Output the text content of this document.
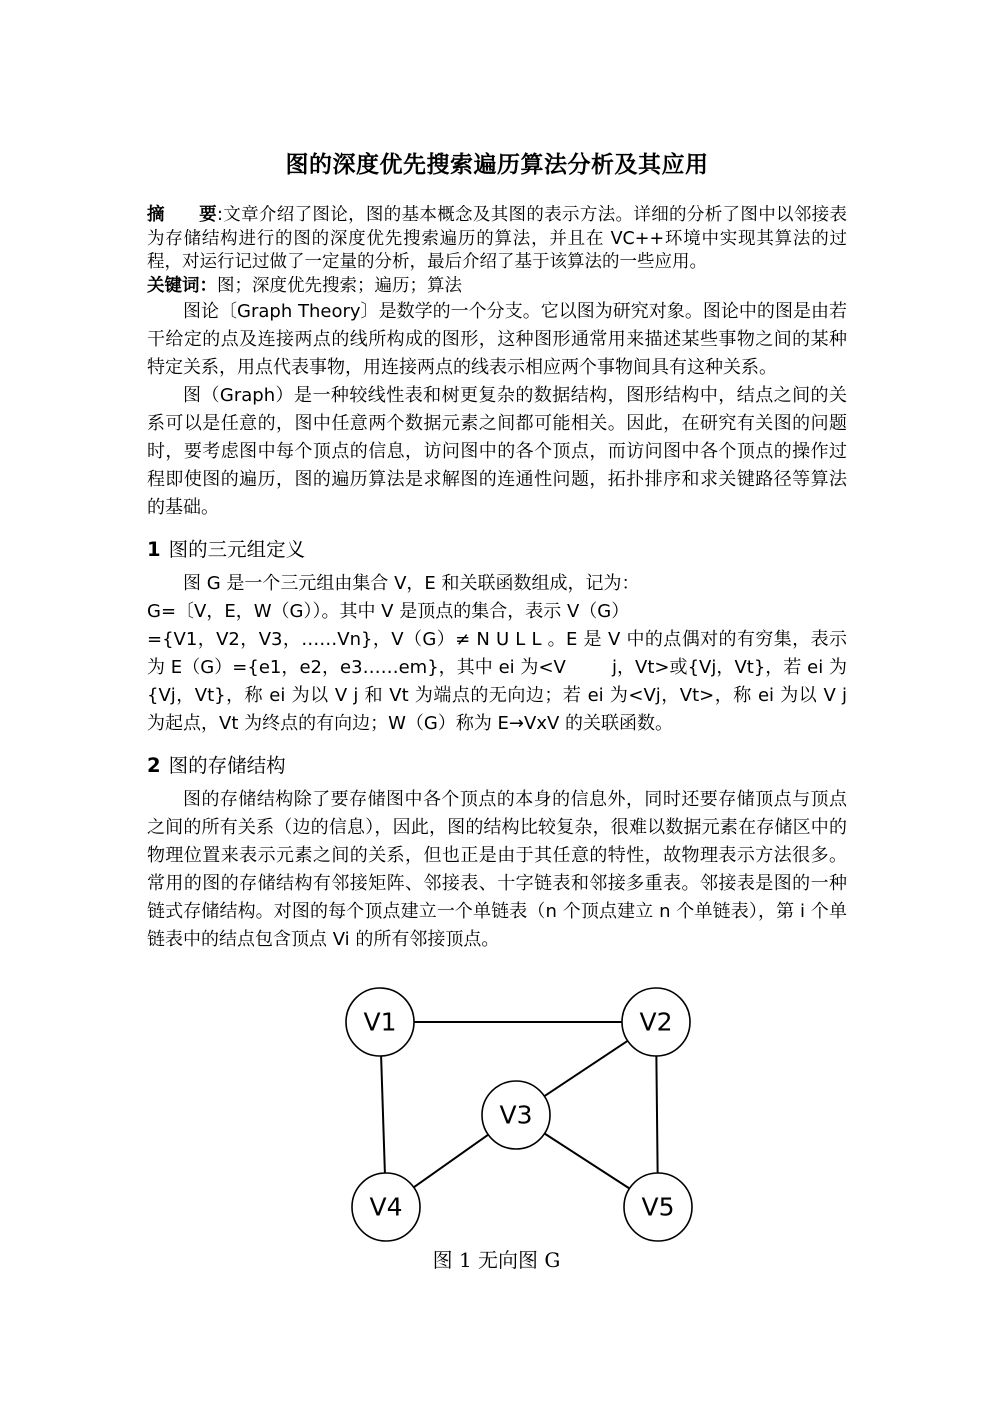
图的深度优先搜索遍历算法分析及其应用
摘 要:文章介绍了图论，图的基本概念及其图的表示方法。详细的分析了图中以邻接表为存储结构进行的图的深度优先搜索遍历的算法，并且在 VC++环境中实现其算法的过程，对运行记过做了一定量的分析，最后介绍了基于该算法的一些应用。
关键词：图；深度优先搜索；遍历；算法

图论〔Graph Theory〕是数学的一个分支。它以图为研究对象。图论中的图是由若干给定的点及连接两点的线所构成的图形，这种图形通常用来描述某些事物之间的某种特定关系，用点代表事物，用连接两点的线表示相应两个事物间具有这种关系。

图（Graph）是一种较线性表和树更复杂的数据结构，图形结构中，结点之间的关系可以是任意的，图中任意两个数据元素之间都可能相关。因此，在研究有关图的问题时，要考虑图中每个顶点的信息，访问图中的各个顶点，而访问图中各个顶点的操作过程即使图的遍历，图的遍历算法是求解图的连通性问题，拓扑排序和求关键路径等算法的基础。

1 图的三元组定义
图 G 是一个三元组由集合 V，E 和关联函数组成，记为：
G=〔V，E，W（G））。其中 V 是顶点的集合，表示 V（G）
={V1，V2，V3，……Vn}，V（G）≠ N U L L 。E 是 V 中的点偶对的有穷集，表示为 E（G）={e1，e2，e3……em}，其中 ei 为<V        j，Vt>或{Vj，Vt}，若 ei 为{Vj，Vt}，称 ei 为以 V j 和 Vt 为端点的无向边；若 ei 为<Vj，Vt>，称 ei 为以 V j 为起点，Vt 为终点的有向边；W（G）称为 E→VxV 的关联函数。
2 图的存储结构

图的存储结构除了要存储图中各个顶点的本身的信息外，同时还要存储顶点与顶点之间的所有关系（边的信息），因此，图的结构比较复杂，很难以数据元素在存储区中的物理位置来表示元素之间的关系，但也正是由于其任意的特性，故物理表示方法很多。常用的图的存储结构有邻接矩阵、邻接表、十字链表和邻接多重表。邻接表是图的一种链式存储结构。对图的每个顶点建立一个单链表（n 个顶点建立 n 个单链表），第 i 个单链表中的结点包含顶点 Vi 的所有邻接顶点。

V1	V2
V3
V4	V5
图 1 无向图 G
